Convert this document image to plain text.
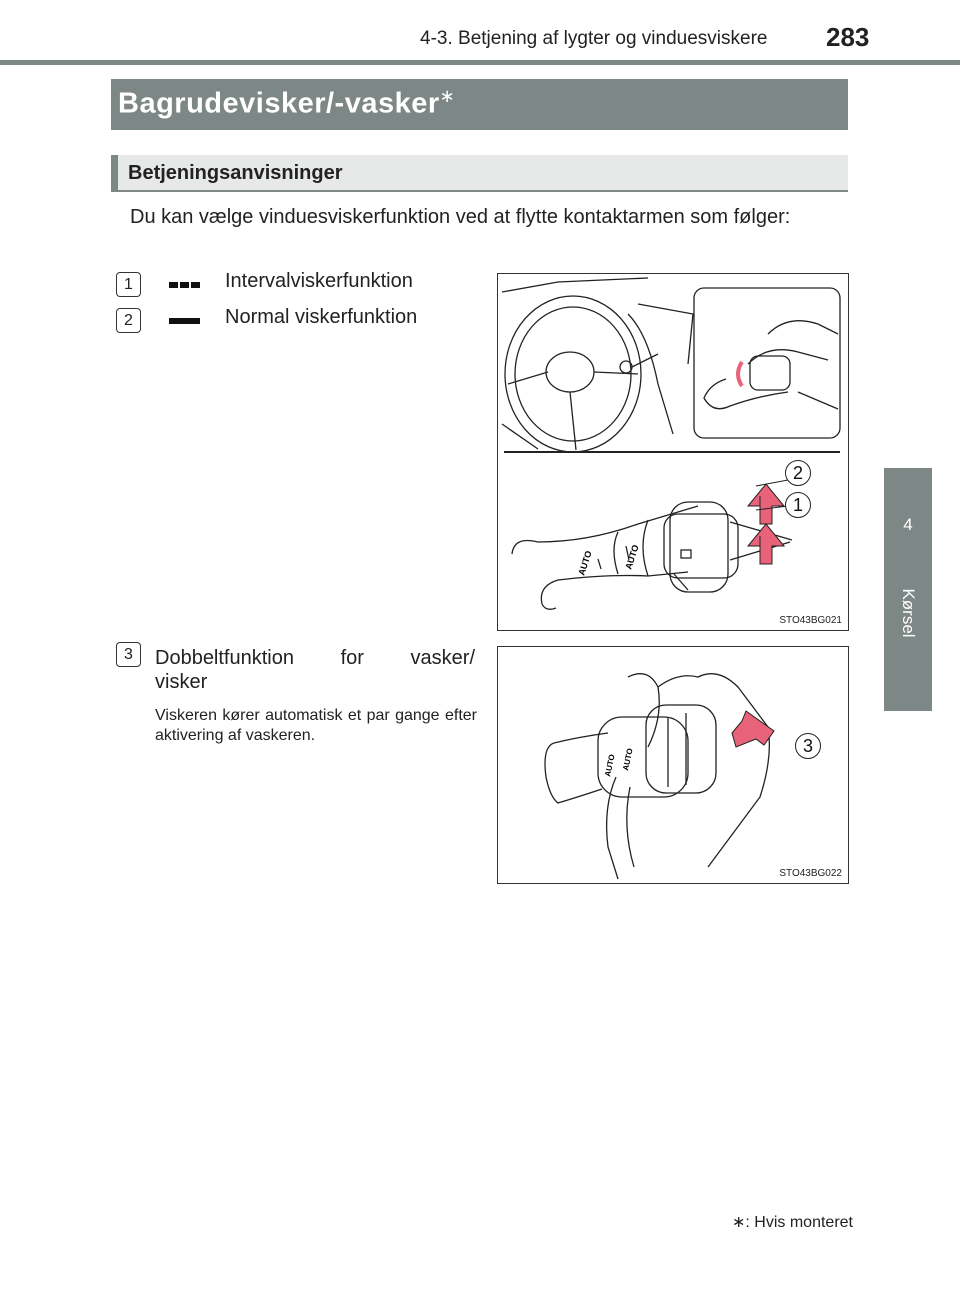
4-3. Betjening af lygter og vinduesviskere 283
4
Kørsel
Bagrudevisker/-vasker∗
Betjeningsanvisninger
Du kan vælge vinduesviskerfunktion ved at flytte kontaktarmen som følger:
1	Intervalviskerfunktion
2	Normal viskerfunktion
3	Dobbeltfunktion for vasker/
visker
Viskeren kører automatisk et par gange efter aktivering af vaskeren.
AUTO	AUTO
2
1
STO43BG021
AUTO AUTO
3
STO43BG022
∗: Hvis monteret
